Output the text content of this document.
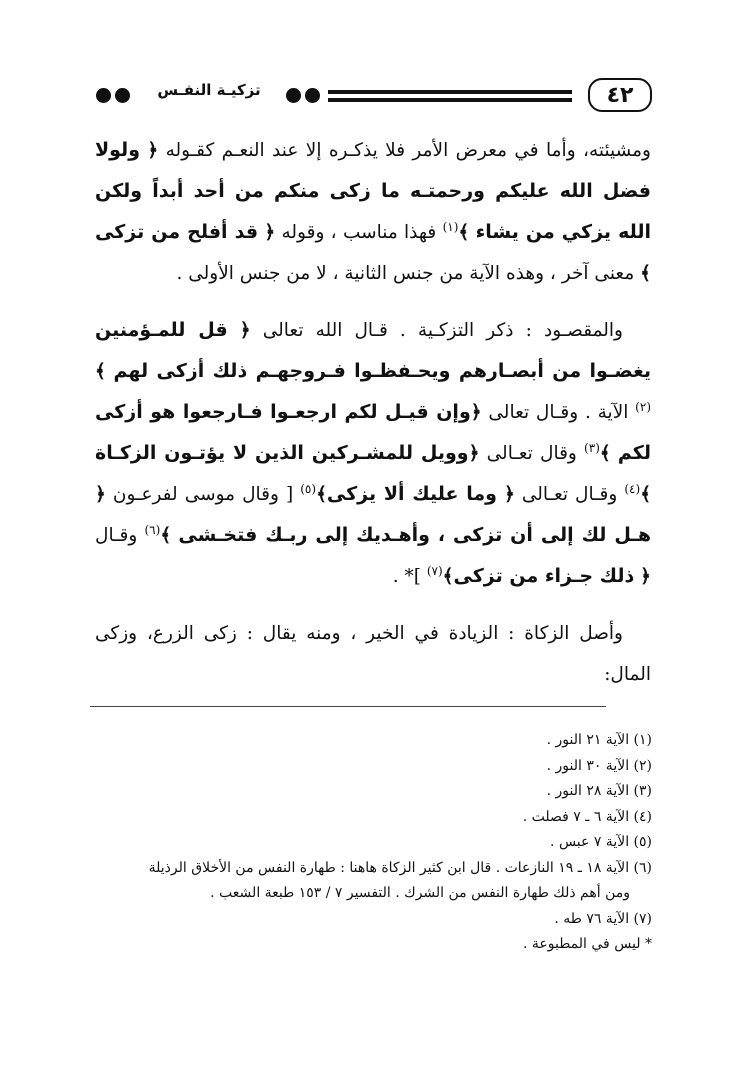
تزكيـة النفـس	٤٢

ومشيئته، وأما في معرض الأمر فلا يذكـره إلا عند النعـم كقـوله ﴿ ولولا فضل الله عليكم ورحمتـه ما زكى منكم من أحد أبداً ولكن الله يزكي من يشاء ﴾$^{(١)}$ فهذا مناسب ، وقوله ﴿ قد أفلح من تزكى ﴾ معنى آخر ، وهذه الآية من جنس الثانية ، لا من جنس الأولى .

والمقصـود : ذكر التزكـية . قـال الله تعالى ﴿ قل للمـؤمنين يغضـوا من أبصـارهم ويحـفظـوا فـروجهـم ذلك أزكى لهم ﴾$^{(٢)}$ الآية . وقـال تعالى ﴿وإن قيـل لكم ارجعـوا فـارجعوا هو أزكى لكم ﴾$^{(٣)}$ وقال تعـالى ﴿وويل للمشـركين الذين لا يؤتـون الزكـاة ﴾$^{(٤)}$ وقـال تعـالى ﴿ وما عليك ألا يزكى﴾$^{(٥)}$ [ وقال موسى لفرعـون ﴿ هـل لك إلى أن تزكى ، وأهـديك إلى ربـك فتخـشى ﴾$^{(٦)}$ وقـال ﴿ ذلك جـزاء من تزكى﴾$^{(٧)}$ ]* .

وأصل الزكاة : الزيادة في الخير ، ومنه يقال : زكى الزرع، وزكى المال:

(١) الآية ٢١ النور .

(٢) الآية ٣٠ النور .

(٣) الآية ٢٨ النور .

(٤) الآية ٦ ـ ٧ فصلت .

(٥) الآية ٧ عبس .

(٦) الآية ١٨ ـ ١٩ النازعات . قال ابن كثير الزكاة هاهنا : طهارة النفس من الأخلاق الرذيلة

ومن أهم ذلك طهارة النفس من الشرك . التفسير ٧ / ١٥٣ طبعة الشعب .

(٧) الآية ٧٦ طه .

* ليس في المطبوعة .
